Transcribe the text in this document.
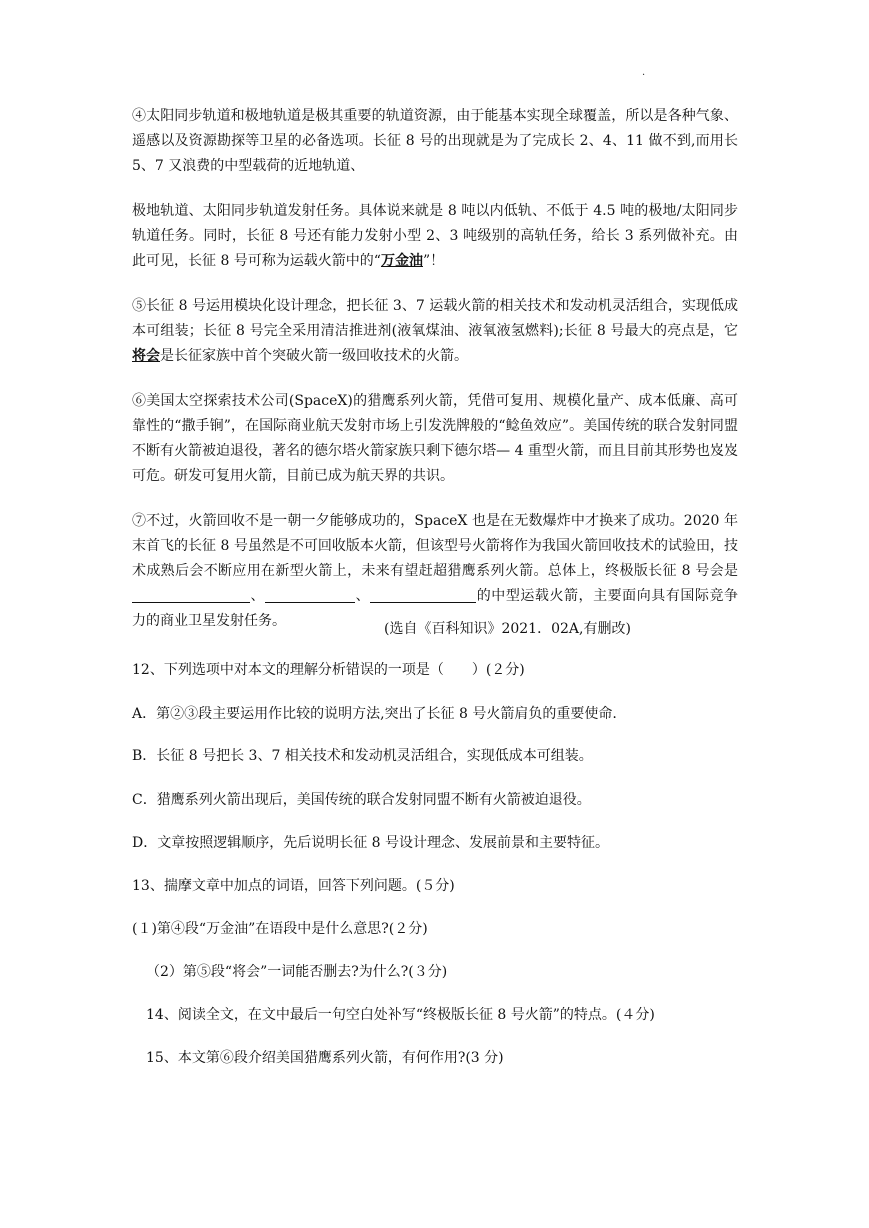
·

④太阳同步轨道和极地轨道是极其重要的轨道资源，由于能基本实现全球覆盖，所以是各种气象、遥感以及资源勘探等卫星的必备选项。长征 8 号的出现就是为了完成长 2、4、11 做不到,而用长 5、7 又浪费的中型载荷的近地轨道、

极地轨道、太阳同步轨道发射任务。具体说来就是 8 吨以内低轨、不低于 4.5 吨的极地/太阳同步轨道任务。同时，长征 8 号还有能力发射小型 2、3 吨级别的高轨任务，给长 3 系列做补充。由此可见，长征 8 号可称为运载火箭中的“万金油”！

⑤长征 8 号运用模块化设计理念，把长征 3、7 运载火箭的相关技术和发动机灵活组合，实现低成本可组装；长征 8 号完全采用清洁推进剂(液氧煤油、液氧液氢燃料);长征 8 号最大的亮点是，它将会是长征家族中首个突破火箭一级回收技术的火箭。

⑥美国太空探索技术公司(SpaceX)的猎鹰系列火箭，凭借可复用、规模化量产、成本低廉、高可靠性的“撒手锏”，在国际商业航天发射市场上引发洗牌般的“鲶鱼效应”。美国传统的联合发射同盟不断有火箭被迫退役，著名的德尔塔火箭家族只剩下德尔塔— 4 重型火箭，而且目前其形势也岌岌可危。研发可复用火箭，目前已成为航天界的共识。

⑦不过，火箭回收不是一朝一夕能够成功的，SpaceX 也是在无数爆炸中才换来了成功。2020 年末首飞的长征 8 号虽然是不可回收版本火箭，但该型号火箭将作为我国火箭回收技术的试验田，技术成熟后会不断应用在新型火箭上，未来有望赶超猎鹰系列火箭。总体上，终极版长征 8 号会是、	、	的中型运载火箭，主要面向具有国际竞争力的商业卫星发射任务。	(选自《百科知识》2021．02A,有删改)
12、下列选项中对本文的理解分析错误的一项是（　　）(２分)
A．第②③段主要运用作比较的说明方法,突出了长征 8 号火箭肩负的重要使命.
B．长征 8 号把长 3、7 相关技术和发动机灵活组合，实现低成本可组装。
C．猎鹰系列火箭出现后，美国传统的联合发射同盟不断有火箭被迫退役。
D．文章按照逻辑顺序，先后说明长征 8 号设计理念、发展前景和主要特征。
13、揣摩文章中加点的词语，回答下列问题。(５分)
(１)第④段“万金油”在语段中是什么意思?(２分)
（2）第⑤段“将会”一词能否删去?为什么?(３分)
14、阅读全文，在文中最后一句空白处补写“终极版长征 8 号火箭”的特点。(４分)
15、本文第⑥段介绍美国猎鹰系列火箭，有何作用?(3 分)
